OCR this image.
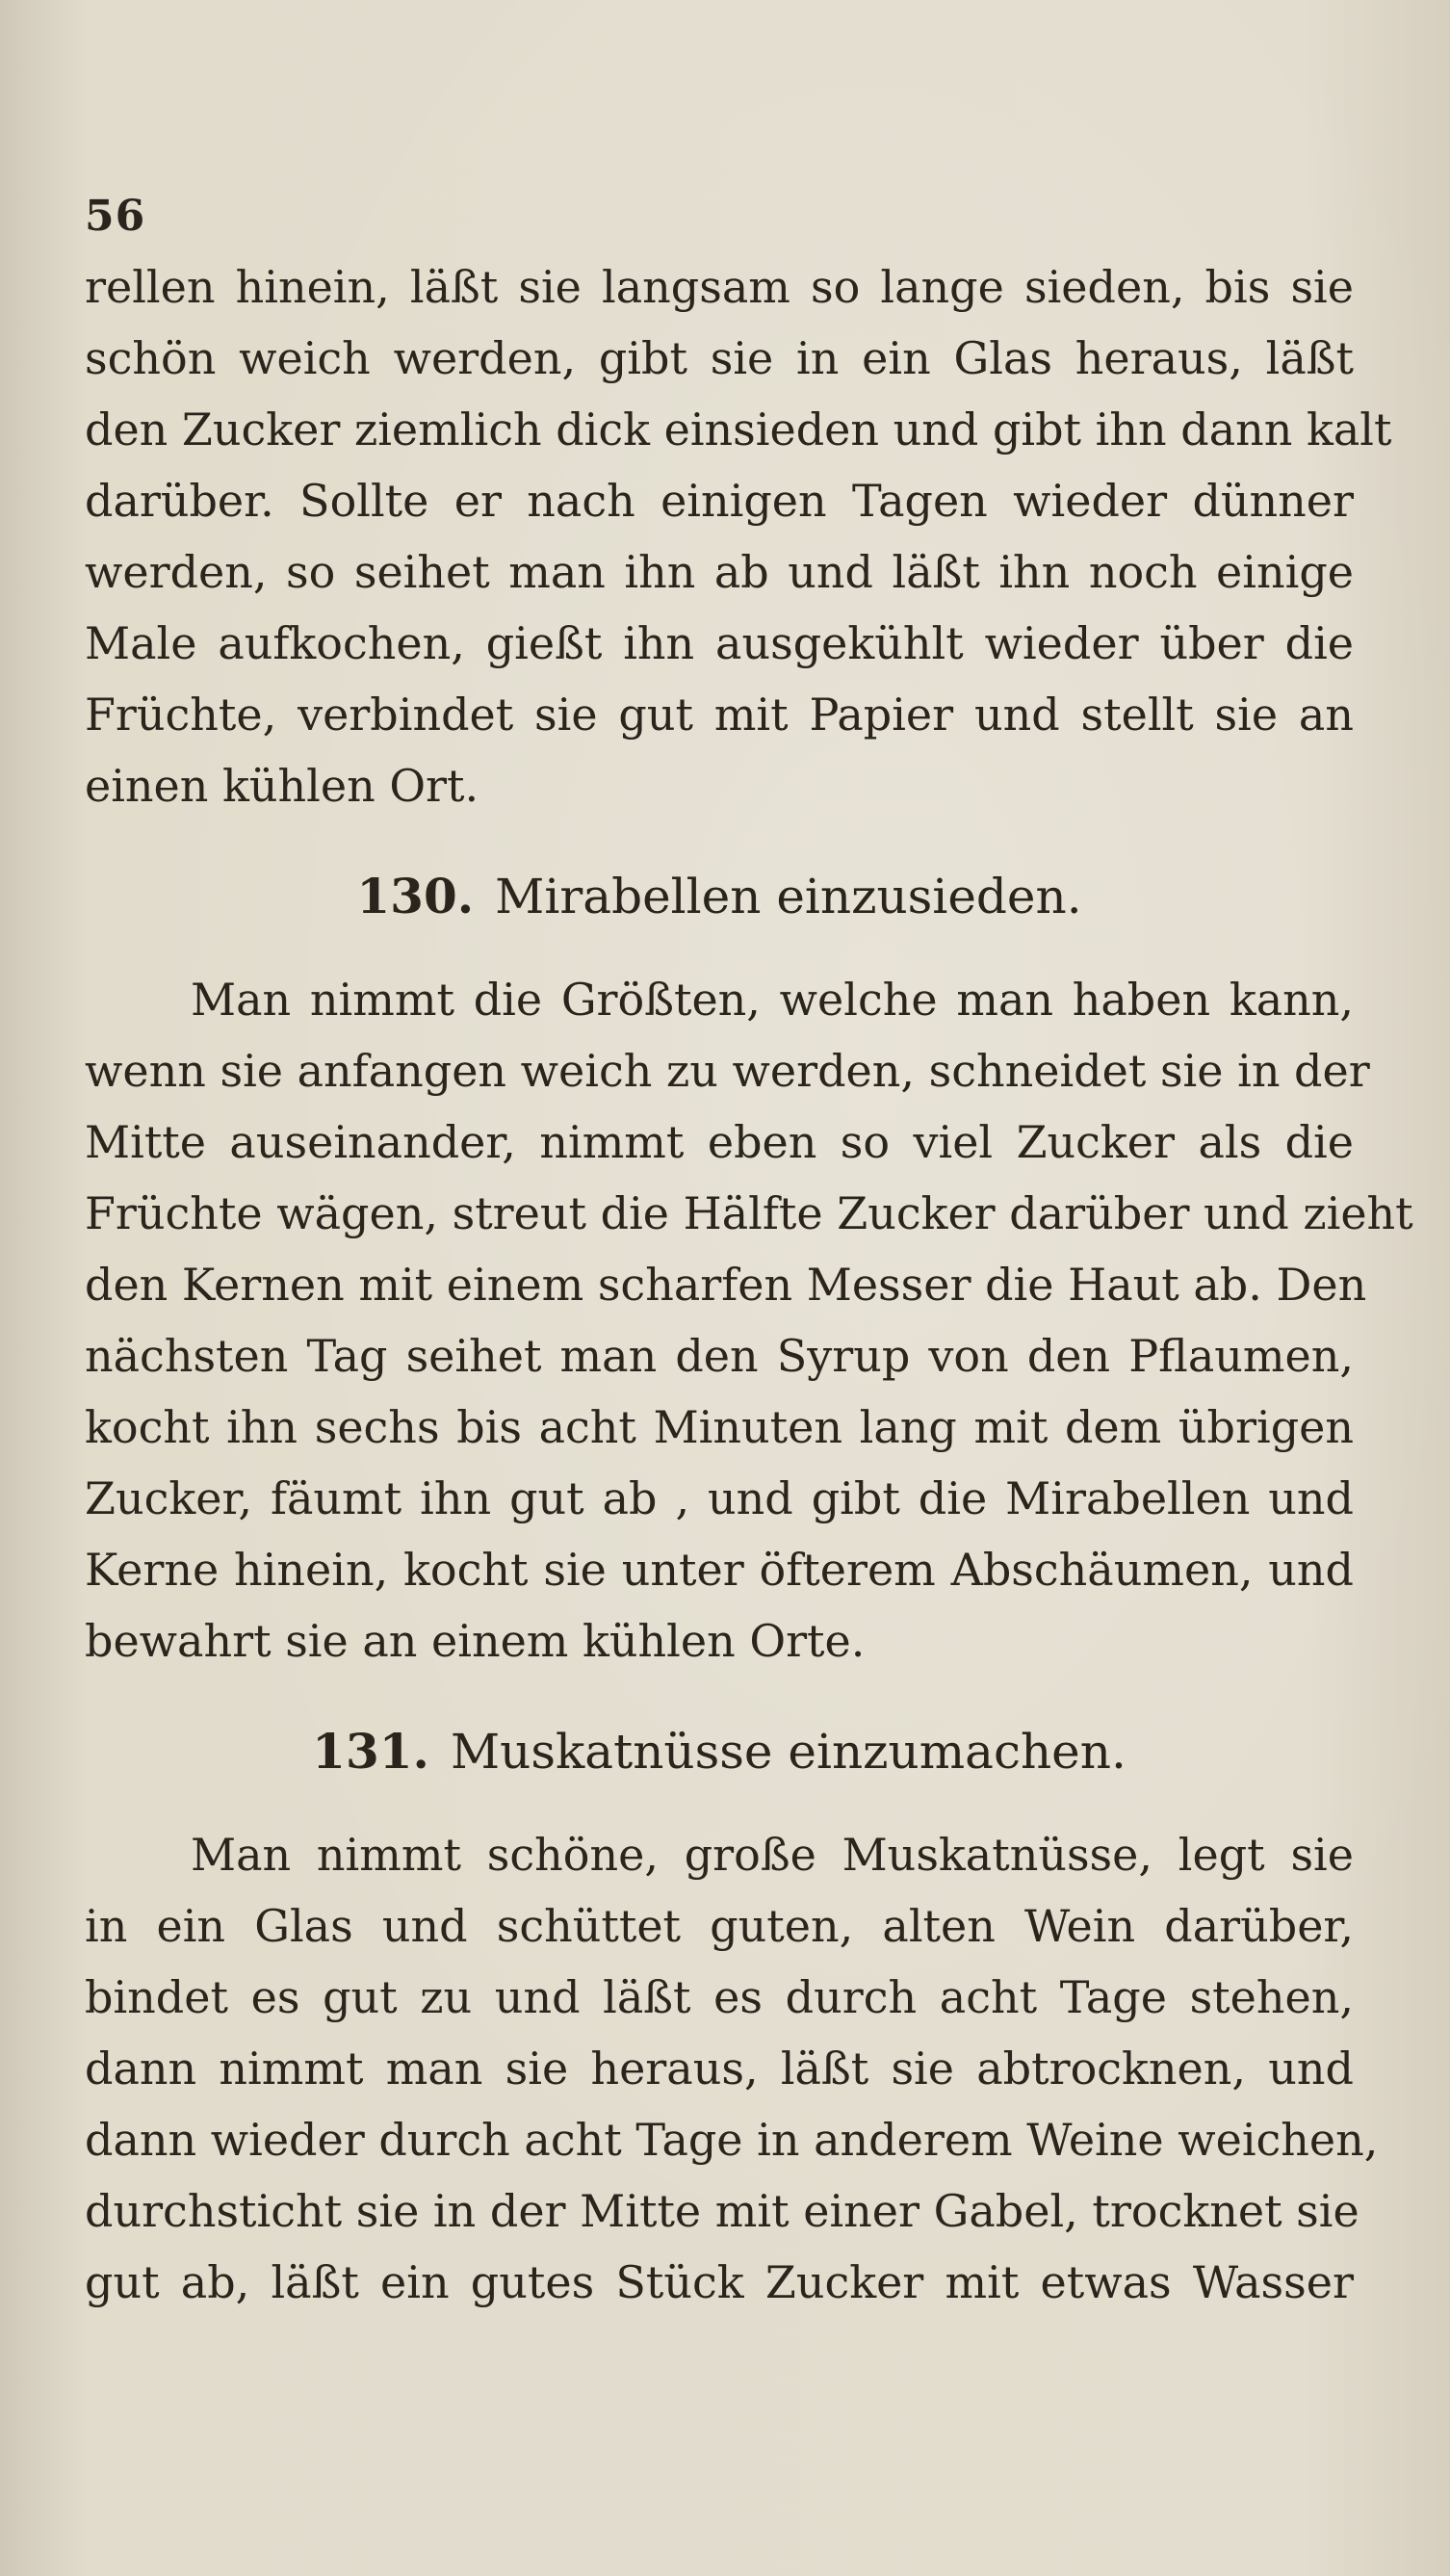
56

rellen hinein, läßt sie langsam so lange sieden, bis sie

schön weich werden, gibt sie in ein Glas heraus, läßt

den Zucker ziemlich dick einsieden und gibt ihn dann kalt

darüber. Sollte er nach einigen Tagen wieder dünner

werden, so seihet man ihn ab und läßt ihn noch einige

Male aufkochen, gießt ihn ausgekühlt wieder über die

Früchte, verbindet sie gut mit Papier und stellt sie an

einen kühlen Ort.

130. Mirabellen einzusieden.

Man nimmt die Größten, welche man haben kann,

wenn sie anfangen weich zu werden, schneidet sie in der

Mitte auseinander, nimmt eben so viel Zucker als die

Früchte wägen, streut die Hälfte Zucker darüber und zieht

den Kernen mit einem scharfen Messer die Haut ab. Den

nächsten Tag seihet man den Syrup von den Pflaumen,

kocht ihn sechs bis acht Minuten lang mit dem übrigen

Zucker, fäumt ihn gut ab , und gibt die Mirabellen und

Kerne hinein, kocht sie unter öfterem Abschäumen, und

bewahrt sie an einem kühlen Orte.

131. Muskatnüsse einzumachen.

Man nimmt schöne, große Muskatnüsse, legt sie

in ein Glas und schüttet guten, alten Wein darüber,

bindet es gut zu und läßt es durch acht Tage stehen,

dann nimmt man sie heraus, läßt sie abtrocknen, und

dann wieder durch acht Tage in anderem Weine weichen,

durchsticht sie in der Mitte mit einer Gabel, trocknet sie

gut ab, läßt ein gutes Stück Zucker mit etwas Wasser
